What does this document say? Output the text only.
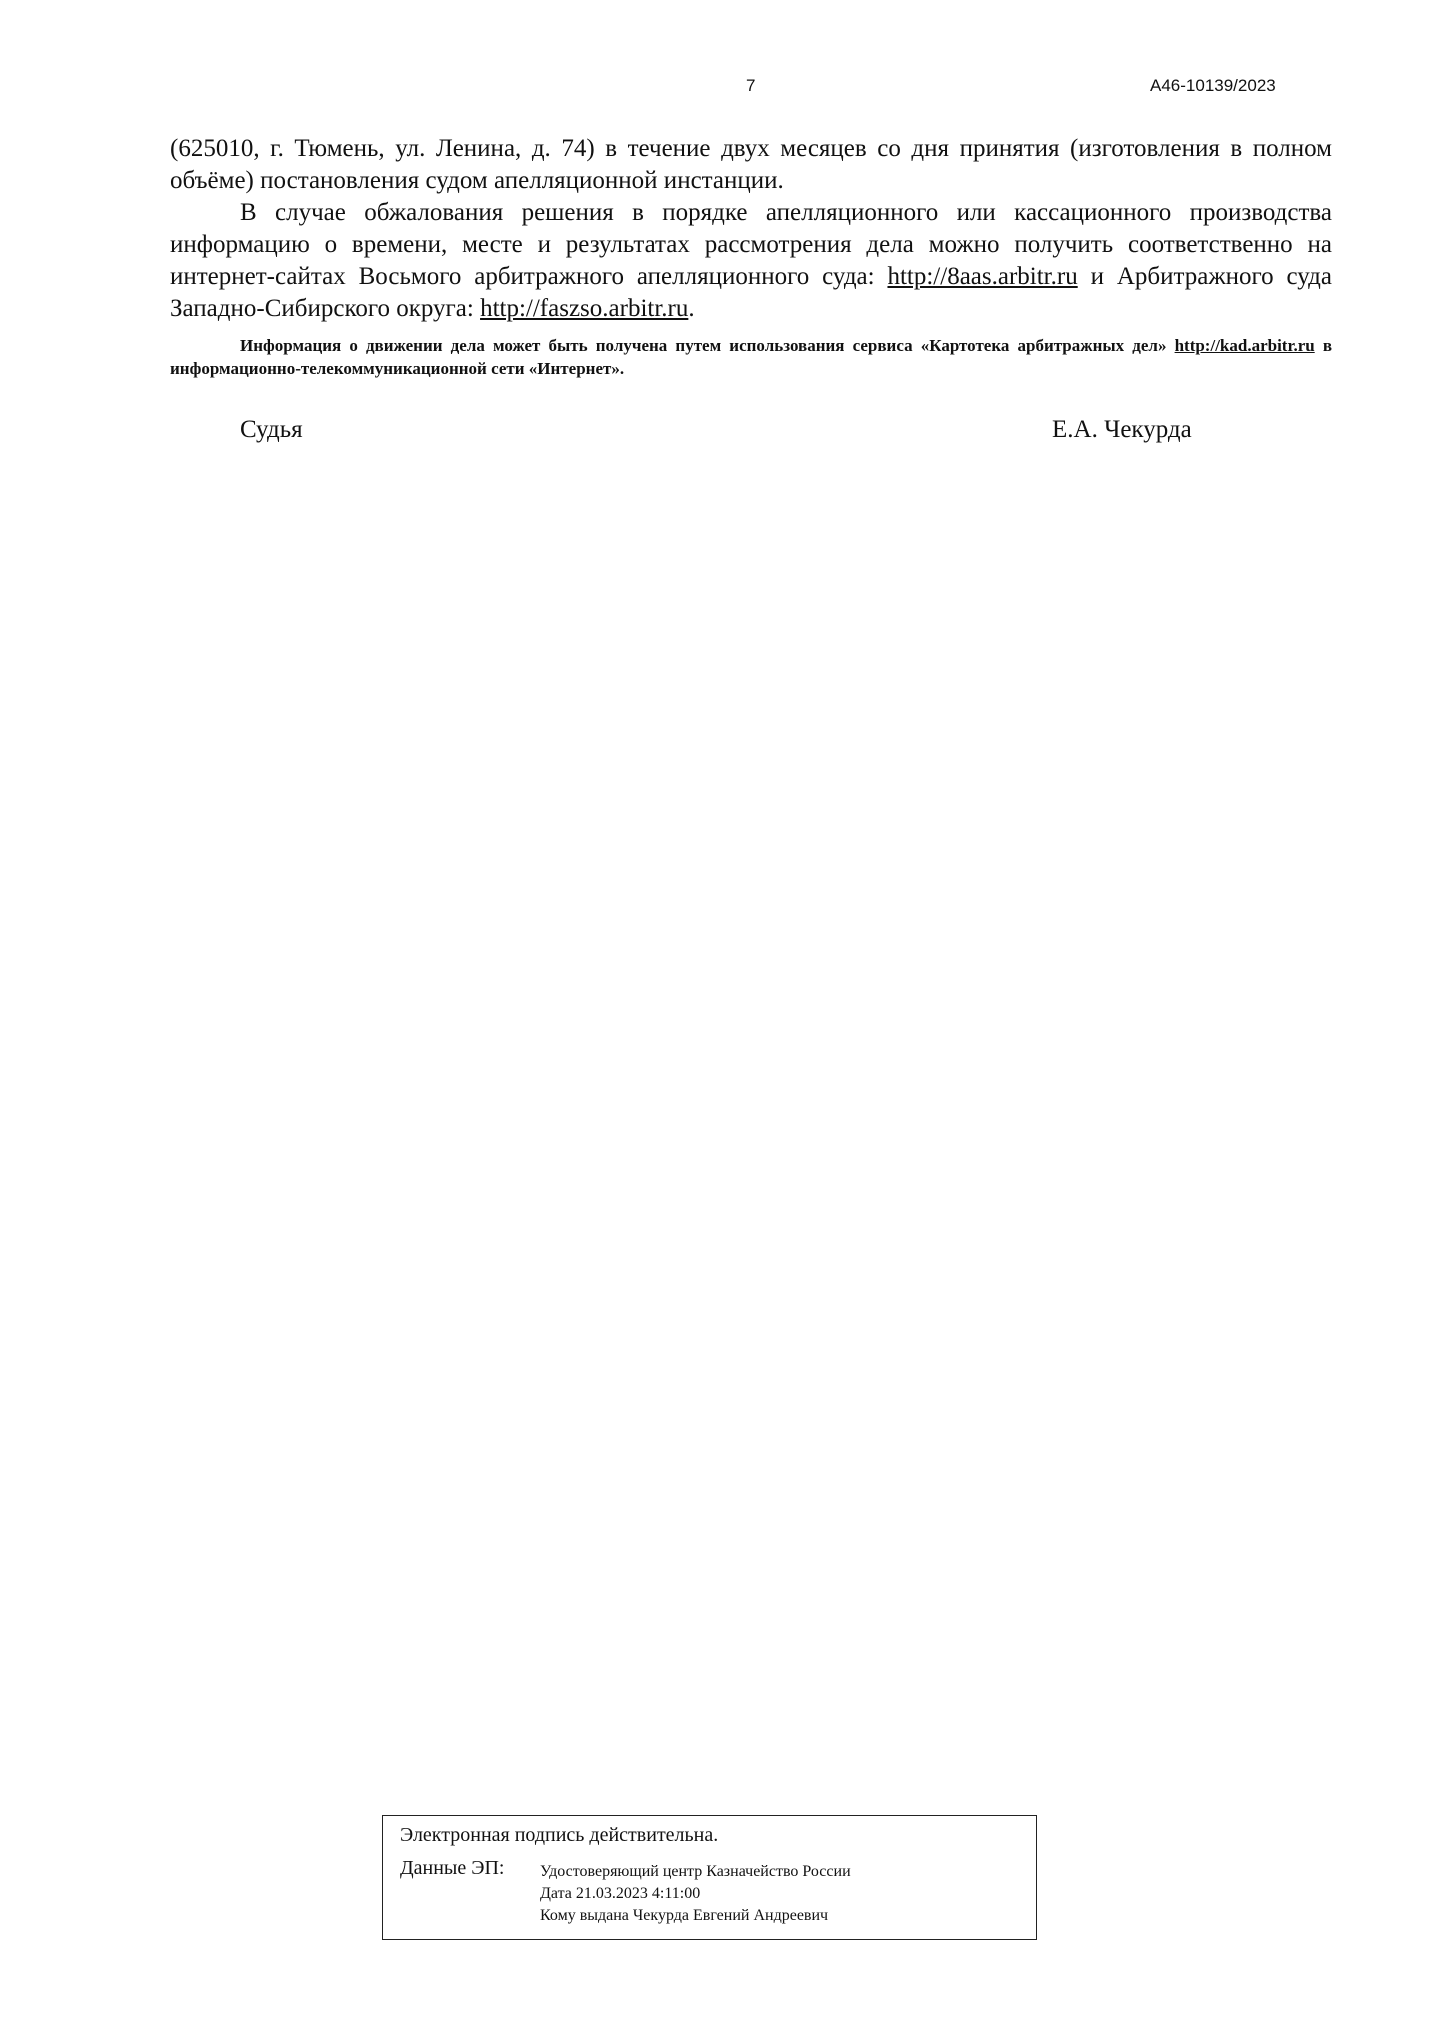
7	А46-10139/2023

(625010, г. Тюмень, ул. Ленина, д. 74) в течение двух месяцев со дня принятия (изготовления в полном объёме) постановления судом апелляционной инстанции.

В случае обжалования решения в порядке апелляционного или кассационного производства информацию о времени, месте и результатах рассмотрения дела можно получить соответственно на интернет-сайтах Восьмого арбитражного апелляционного суда: http://8aas.arbitr.ru и Арбитражного суда Западно-Сибирского округа: http://faszso.arbitr.ru.

Информация о движении дела может быть получена путем использования сервиса «Картотека арбитражных дел» http://kad.arbitr.ru в информационно-телекоммуникационной сети «Интернет».
Судья	Е.А. Чекурда
Электронная подпись действительна.
Данные ЭП: Удостоверяющий центр Казначейство России
Дата 21.03.2023 4:11:00
Кому выдана Чекурда Евгений Андреевич
